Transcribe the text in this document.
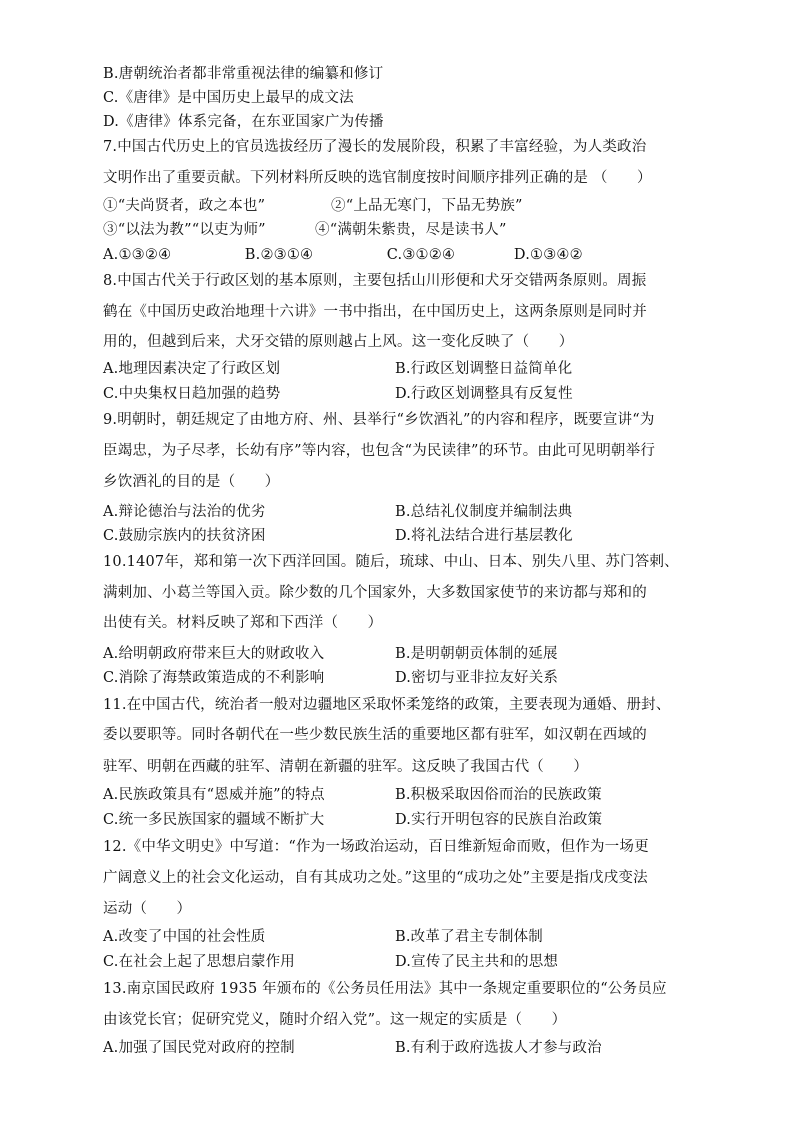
B.唐朝统治者都非常重视法律的编纂和修订
C.《唐律》是中国历史上最早的成文法
D.《唐律》体系完备，在东亚国家广为传播
7.中国古代历史上的官员选拔经历了漫长的发展阶段，积累了丰富经验，为人类政治
文明作出了重要贡献。下列材料所反映的选官制度按时间顺序排列正确的是 （　　）
①“夫尚贤者，政之本也”	②“上品无寒门，下品无势族”
③“以法为教”“以吏为师”	④“满朝朱紫贵，尽是读书人”
A.①③②④　　　　　B.②③①④　　　　　C.③①②④　　　　D.①③④②
8.中国古代关于行政区划的基本原则，主要包括山川形便和犬牙交错两条原则。周振
鹤在《中国历史政治地理十六讲》一书中指出，在中国历史上，这两条原则是同时并
用的，但越到后来，犬牙交错的原则越占上风。这一变化反映了（　　）
A.地理因素决定了行政区划	B.行政区划调整日益简单化
C.中央集权日趋加强的趋势	D.行政区划调整具有反复性
9.明朝时，朝廷规定了由地方府、州、县举行“乡饮酒礼”的内容和程序，既要宣讲“为
臣竭忠，为子尽孝，长幼有序”等内容，也包含“为民读律”的环节。由此可见明朝举行
乡饮酒礼的目的是（　　）
A.辩论德治与法治的优劣	B.总结礼仪制度并编制法典
C.鼓励宗族内的扶贫济困	D.将礼法结合进行基层教化
10.1407年，郑和第一次下西洋回国。随后，琉球、中山、日本、别失八里、苏门答剌、
满剌加、小葛兰等国入贡。除少数的几个国家外，大多数国家使节的来访都与郑和的
出使有关。材料反映了郑和下西洋（　　）
A.给明朝政府带来巨大的财政收入	B.是明朝朝贡体制的延展
C.消除了海禁政策造成的不利影响	D.密切与亚非拉友好关系
11.在中国古代，统治者一般对边疆地区采取怀柔笼络的政策，主要表现为通婚、册封、
委以要职等。同时各朝代在一些少数民族生活的重要地区都有驻军，如汉朝在西域的
驻军、明朝在西藏的驻军、清朝在新疆的驻军。这反映了我国古代（　　）
A.民族政策具有“恩威并施”的特点	B.积极采取因俗而治的民族政策
C.统一多民族国家的疆域不断扩大	D.实行开明包容的民族自治政策
12.《中华文明史》中写道：“作为一场政治运动，百日维新短命而败，但作为一场更
广阔意义上的社会文化运动，自有其成功之处。”这里的“成功之处”主要是指戊戌变法
运动（　　）
A.改变了中国的社会性质	B.改革了君主专制体制
C.在社会上起了思想启蒙作用	D.宣传了民主共和的思想
13.南京国民政府 1935 年颁布的《公务员任用法》其中一条规定重要职位的“公务员应
由该党长官；促研究党义，随时介绍入党”。这一规定的实质是（　　）
A.加强了国民党对政府的控制	B.有利于政府选拔人才参与政治
